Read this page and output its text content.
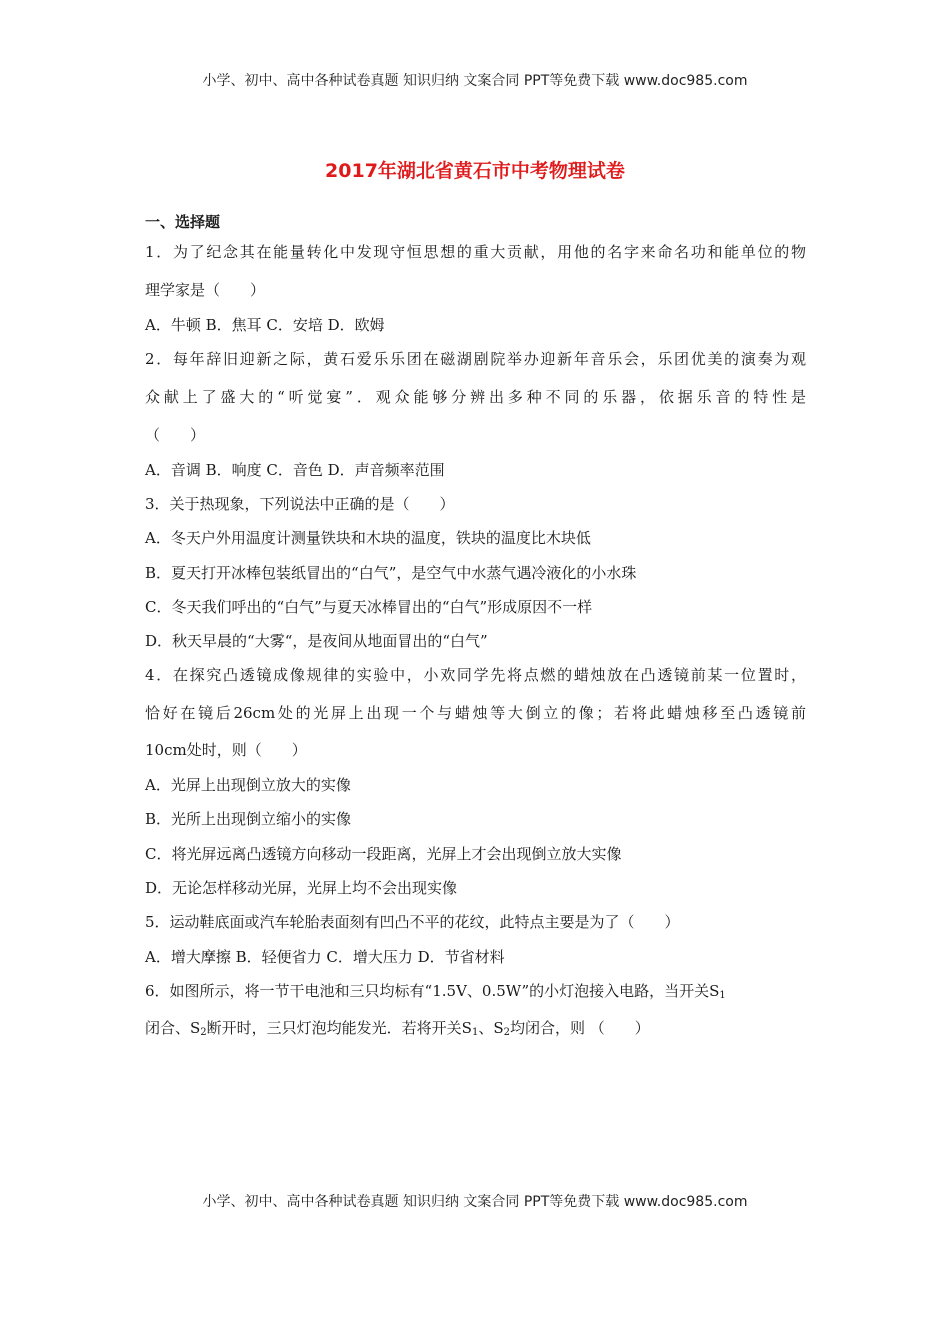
小学、初中、高中各种试卷真题 知识归纳 文案合同 PPT等免费下载 www.doc985.com
2017年湖北省黄石市中考物理试卷
一、选择题
1．为了纪念其在能量转化中发现守恒思想的重大贡献，用他的名字来命名功和能单位的物
理学家是（　　）
A．牛顿 B．焦耳 C．安培 D．欧姆
2．每年辞旧迎新之际，黄石爱乐乐团在磁湖剧院举办迎新年音乐会，乐团优美的演奏为观
众献上了盛大的“听觉宴”．观众能够分辨出多种不同的乐器，依据乐音的特性是
（　　）
A．音调 B．响度 C．音色 D．声音频率范围
3．关于热现象，下列说法中正确的是（　　）
A．冬天户外用温度计测量铁块和木块的温度，铁块的温度比木块低
B．夏天打开冰棒包装纸冒出的“白气”，是空气中水蒸气遇冷液化的小水珠
C．冬天我们呼出的“白气”与夏天冰棒冒出的“白气”形成原因不一样
D．秋天早晨的“大雾“，是夜间从地面冒出的“白气”
4．在探究凸透镜成像规律的实验中，小欢同学先将点燃的蜡烛放在凸透镜前某一位置时，
恰好在镜后26cm处的光屏上出现一个与蜡烛等大倒立的像；若将此蜡烛移至凸透镜前
10cm处时，则（　　）
A．光屏上出现倒立放大的实像
B．光所上出现倒立缩小的实像
C．将光屏远离凸透镜方向移动一段距离，光屏上才会出现倒立放大实像
D．无论怎样移动光屏，光屏上均不会出现实像
5．运动鞋底面或汽车轮胎表面刻有凹凸不平的花纹，此特点主要是为了（　　）
A．增大摩擦 B．轻便省力 C．增大压力 D．节省材料
6．如图所示，将一节干电池和三只均标有“1.5V、0.5W”的小灯泡接入电路，当开关$S_1$
闭合、$S_2$断开时，三只灯泡均能发光．若将开关$S_1$、$S_2$均闭合，则 （　　）
小学、初中、高中各种试卷真题 知识归纳 文案合同 PPT等免费下载 www.doc985.com
